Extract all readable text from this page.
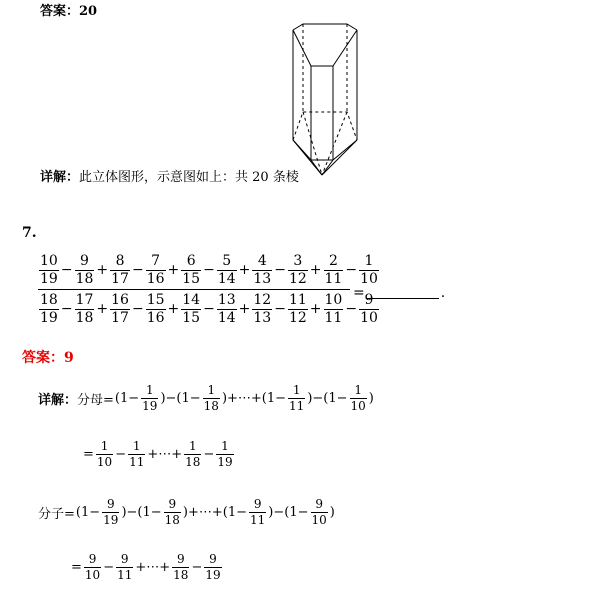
答案：20
详解：此立体图形，示意图如上：共 20 条棱
7.
$\frac{10}{19} - \frac{9}{18} + \frac{8}{17} - \frac{7}{16} + \frac{6}{15} - \frac{5}{14} + \frac{4}{13} - \frac{3}{12} + \frac{2}{11} - \frac{1}{10}$
$\frac{18}{19} - \frac{17}{18} + \frac{16}{17} - \frac{15}{16} + \frac{14}{15} - \frac{13}{14} + \frac{12}{13} - \frac{11}{12} + \frac{10}{11} - \frac{9}{10}$
=	.
答案：9
详解： 分母= $(1- \frac{1}{19} )-(1- \frac{1}{18}$ )+⋯+(1− $\frac{1}{11} )-(1- \frac{1}{10}$ )
= $\frac{1}{10} - \frac{1}{11}$ +⋯+ $\frac{1}{18} - \frac{1}{19}$
分子= $(1- \frac{9}{19} )-(1- \frac{9}{18}$ )+⋯+(1− $\frac{9}{11} )-(1- \frac{9}{10}$ )
= $\frac{9}{10} - \frac{9}{11}$ +⋯+ $\frac{9}{18} - \frac{9}{19}$
